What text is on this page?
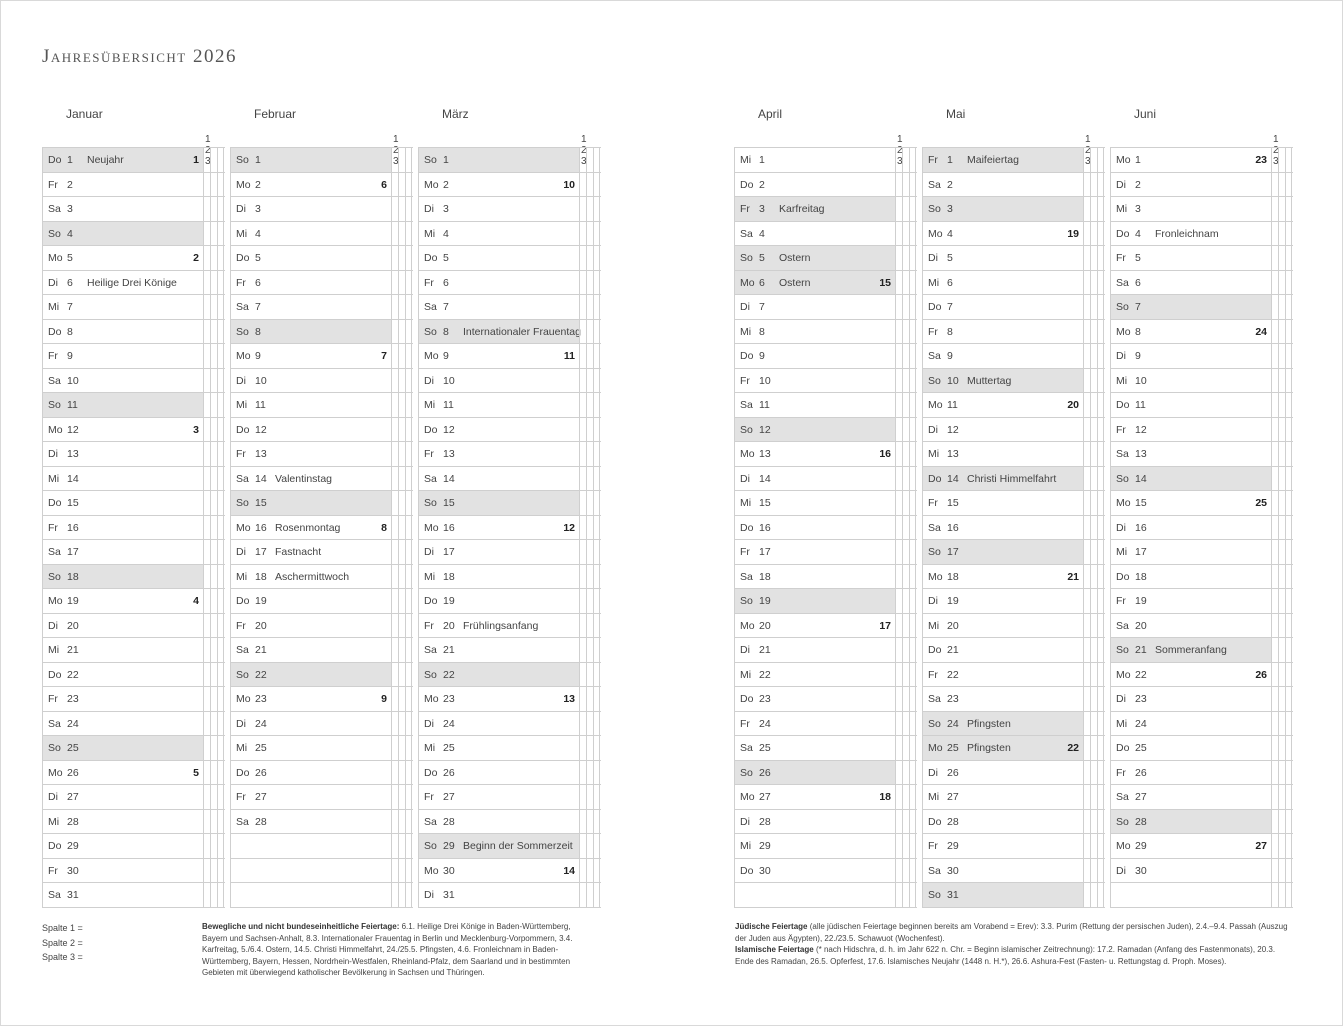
Jahresübersicht 2026
Januar
1 2 3
Do 1 Neujahr	1
Fr 2
Sa 3
So 4
Mo 5	2
Di 6 Heilige Drei Könige
Mi 7
Do 8
Fr 9
Sa 10
So 11
Mo 12	3
Di 13
Mi 14
Do 15
Fr 16
Sa 17
So 18
Mo 19	4
Di 20
Mi 21
Do 22
Fr 23
Sa 24
So 25
Mo 26	5
Di 27
Mi 28
Do 29
Fr 30
Sa 31
Februar
1 2 3
So 1
Mo 2	6
Di 3
Mi 4
Do 5
Fr 6
Sa 7
So 8
Mo 9	7
Di 10
Mi 11
Do 12
Fr 13
Sa 14 Valentinstag
So 15
Mo 16 Rosenmontag	8
Di 17 Fastnacht
Mi 18 Aschermittwoch
Do 19
Fr 20
Sa 21
So 22
Mo 23	9
Di 24
Mi 25
Do 26
Fr 27
Sa 28
März
1 2 3
So 1
Mo 2	10
Di 3
Mi 4
Do 5
Fr 6
Sa 7
So 8 Internationaler Frauentag
Mo 9	11
Di 10
Mi 11
Do 12
Fr 13
Sa 14
So 15
Mo 16	12
Di 17
Mi 18
Do 19
Fr 20 Frühlingsanfang
Sa 21
So 22
Mo 23	13
Di 24
Mi 25
Do 26
Fr 27
Sa 28
So 29 Beginn der Sommerzeit
Mo 30	14
Di 31
April
1 2 3
Mi 1
Do 2
Fr 3 Karfreitag
Sa 4
So 5 Ostern
Mo 6 Ostern	15
Di 7
Mi 8
Do 9
Fr 10
Sa 11
So 12
Mo 13	16
Di 14
Mi 15
Do 16
Fr 17
Sa 18
So 19
Mo 20	17
Di 21
Mi 22
Do 23
Fr 24
Sa 25
So 26
Mo 27	18
Di 28
Mi 29
Do 30
Mai
1 2 3
Fr 1 Maifeiertag
Sa 2
So 3
Mo 4	19
Di 5
Mi 6
Do 7
Fr 8
Sa 9
So 10 Muttertag
Mo 11	20
Di 12
Mi 13
Do 14 Christi Himmelfahrt
Fr 15
Sa 16
So 17
Mo 18	21
Di 19
Mi 20
Do 21
Fr 22
Sa 23
So 24 Pfingsten
Mo 25 Pfingsten	22
Di 26
Mi 27
Do 28
Fr 29
Sa 30
So 31
Juni
1 2 3
Mo 1	23
Di 2
Mi 3
Do 4 Fronleichnam
Fr 5
Sa 6
So 7
Mo 8	24
Di 9
Mi 10
Do 11
Fr 12
Sa 13
So 14
Mo 15	25
Di 16
Mi 17
Do 18
Fr 19
Sa 20
So 21 Sommeranfang
Mo 22	26
Di 23
Mi 24
Do 25
Fr 26
Sa 27
So 28
Mo 29	27
Di 30
Spalte 1 =
Spalte 2 =
Spalte 3 =
Bewegliche und nicht bundeseinheitliche Feiertage: 6.1. Heilige Drei Könige in Baden-Württemberg, Bayern und Sachsen-Anhalt, 8.3. Internationaler Frauentag in Berlin und Mecklenburg-Vorpommern, 3.4. Karfreitag, 5./6.4. Ostern, 14.5. Christi Himmelfahrt, 24./25.5. Pfingsten, 4.6. Fronleichnam in Baden-Württemberg, Bayern, Hessen, Nordrhein-Westfalen, Rheinland-Pfalz, dem Saarland und in bestimmten Gebieten mit überwiegend katholischer Bevölkerung in Sachsen und Thüringen.
Jüdische Feiertage (alle jüdischen Feiertage beginnen bereits am Vorabend = Erev): 3.3. Purim (Rettung der persischen Juden), 2.4.–9.4. Passah (Auszug der Juden aus Ägypten), 22./23.5. Schawuot (Wochenfest).
Islamische Feiertage (* nach Hidschra, d. h. im Jahr 622 n. Chr. = Beginn islamischer Zeitrechnung): 17.2. Ramadan (Anfang des Fastenmonats), 20.3. Ende des Ramadan, 26.5. Opferfest, 17.6. Islamisches Neujahr (1448 n. H.*), 26.6. Ashura-Fest (Fasten- u. Rettungstag d. Proph. Moses).
